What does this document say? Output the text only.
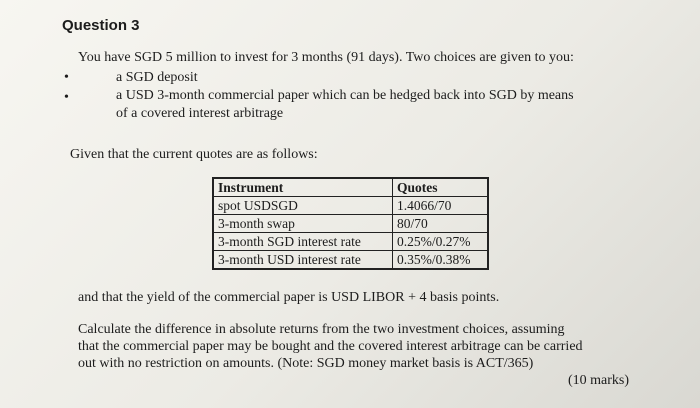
Question 3
You have SGD 5 million to invest for 3 months (91 days). Two choices are given to you:
•	a SGD deposit
•	a USD 3-month commercial paper which can be hedged back into SGD by means
of a covered interest arbitrage
Given that the current quotes are as follows:
Instrument	Quotes
spot USDSGD	1.4066/70
3-month swap	80/70
3-month SGD interest rate	0.25%/0.27%
3-month USD interest rate	0.35%/0.38%
and that the yield of the commercial paper is USD LIBOR + 4 basis points.
Calculate the difference in absolute returns from the two investment choices, assuming
that the commercial paper may be bought and the covered interest arbitrage can be carried
out with no restriction on amounts. (Note: SGD money market basis is ACT/365)
(10 marks)
